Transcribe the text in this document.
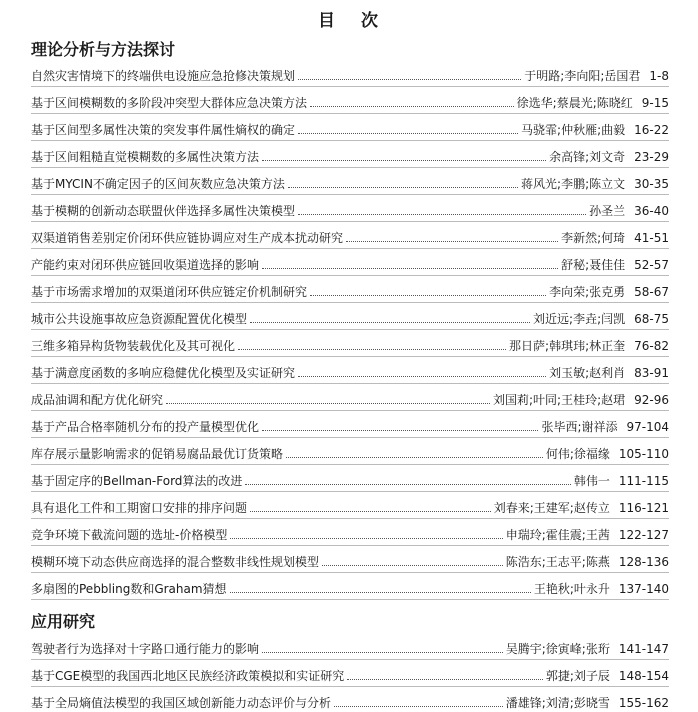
目 次
理论分析与方法探讨
自然灾害情境下的终端供电设施应急抢修决策规划	于明路;李向阳;岳国君 1-8
基于区间模糊数的多阶段冲突型大群体应急决策方法	徐选华;蔡晨光;陈晓红 9-15
基于区间型多属性决策的突发事件属性熵权的确定	马骁霏;仲秋雁;曲毅 16-22
基于区间粗糙直觉模糊数的多属性决策方法	余高锋;刘文奇 23-29
基于MYCIN不确定因子的区间灰数应急决策方法	蒋风光;李鹏;陈立文 30-35
基于模糊的创新动态联盟伙伴选择多属性决策模型	孙圣兰 36-40
双渠道销售差别定价闭环供应链协调应对生产成本扰动研究	李新然;何琦 41-51
产能约束对闭环供应链回收渠道选择的影响	舒秘;聂佳佳 52-57
基于市场需求增加的双渠道闭环供应链定价机制研究	李向荣;张克勇 58-67
城市公共设施事故应急资源配置优化模型	刘近远;李垚;闫凯 68-75
三维多箱异构货物装载优化及其可视化	那日萨;韩琪玮;林正奎 76-82
基于满意度函数的多响应稳健优化模型及实证研究	刘玉敏;赵利肖 83-91
成品油调和配方优化研究	刘国莉;叶同;王桂玲;赵珺 92-96
基于产品合格率随机分布的投产量模型优化	张毕西;谢祥添 97-104
库存展示量影响需求的促销易腐品最优订货策略	何伟;徐福缘 105-110
基于固定序的Bellman-Ford算法的改进	韩伟一 111-115
具有退化工件和工期窗口安排的排序问题	刘春来;王建军;赵传立 116-121
竞争环境下截流问题的选址-价格模型	申瑞玲;霍佳震;王茜 122-127
模糊环境下动态供应商选择的混合整数非线性规划模型	陈浩东;王志平;陈燕 128-136
多扇图的Pebbling数和Graham猜想	王艳秋;叶永升 137-140
应用研究
驾驶者行为选择对十字路口通行能力的影响	吴腾宇;徐寅峰;张珩 141-147
基于CGE模型的我国西北地区民族经济政策模拟和实证研究	郭捷;刘子辰 148-154
基于全局熵值法模型的我国区域创新能力动态评价与分析	潘雄锋;刘清;彭晓雪 155-162
